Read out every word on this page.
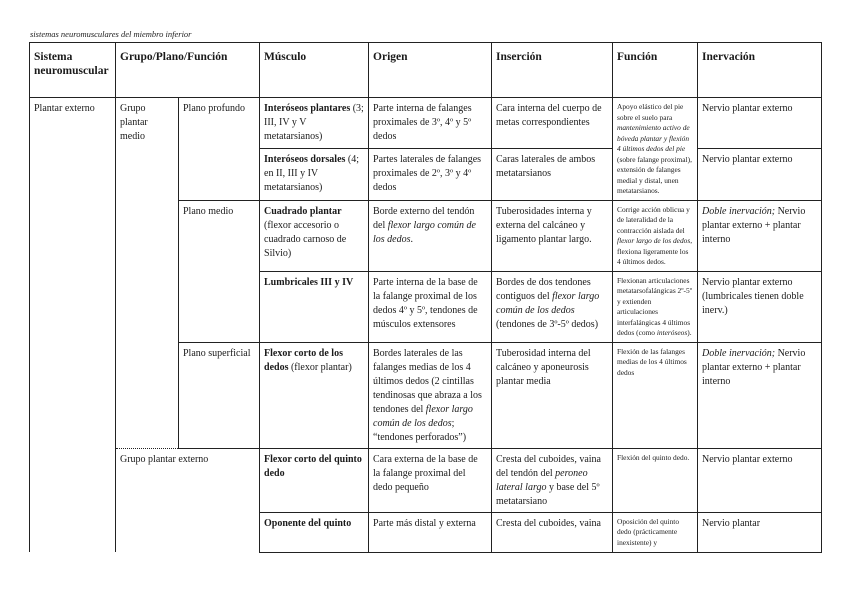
sistemas neuromusculares del miembro inferior
Sistema neuromuscular	Grupo/Plano/Función		Músculo	Origen	Inserción	Función	Inervación
Plantar externo	Grupo plantar medio	Plano profundo	Interóseos plantares (3; III, IV y V metatarsianos)	Parte interna de falanges proximales de 3º, 4º y 5º dedos	Cara interna del cuerpo de metas correspondientes	Apoyo elástico del pie sobre el suelo para mantenimiento activo de bóveda plantar y flexión 4 últimos dedos del pie (sobre falange proximal), extensión de falanges medial y distal, unen metatarsianos.	Nervio plantar externo
			Interóseos dorsales (4; en II, III y IV metatarsianos)	Partes laterales de falanges proximales de 2º, 3º y 4º dedos	Caras laterales de ambos metatarsianos		Nervio plantar externo
		Plano medio	Cuadrado plantar (flexor accesorio o cuadrado carnoso de Silvio)	Borde externo del tendón del flexor largo común de los dedos.	Tuberosidades interna y externa del calcáneo y ligamento plantar largo.	Corrige acción oblicua y de lateralidad de la contracción aislada del flexor largo de los dedos, flexiona ligeramente los 4 últimos dedos.	Doble inervación; Nervio plantar externo + plantar interno
			Lumbricales III y IV	Parte interna de la base de la falange proximal de los dedos 4º y 5º, tendones de músculos extensores	Bordes de dos tendones contiguos del flexor largo común de los dedos (tendones de 3º-5º dedos)	Flexionan articulaciones metatarsofalángicas 2º-5º y extienden articulaciones interfalángicas 4 últimos dedos (como interóseos).	Nervio plantar externo (lumbricales tienen doble inerv.)
		Plano superficial	Flexor corto de los dedos (flexor plantar)	Bordes laterales de las falanges medias de los 4 últimos dedos (2 cintillas tendinosas que abraza a los tendones del flexor largo común de los dedos; “tendones perforados”)	Tuberosidad interna del calcáneo y aponeurosis plantar media	Flexión de las falanges medias de los 4 últimos dedos	Doble inervación; Nervio plantar externo + plantar interno
	Grupo plantar externo		Flexor corto del quinto dedo	Cara externa de la base de la falange proximal del dedo pequeño	Cresta del cuboides, vaina del tendón del peroneo lateral largo y base del 5º metatarsiano	Flexión del quinto dedo.	Nervio plantar externo
			Oponente del quinto	Parte más distal y externa	Cresta del cuboides, vaina	Oposición del quinto dedo (prácticamente inexistente) y	Nervio plantar
